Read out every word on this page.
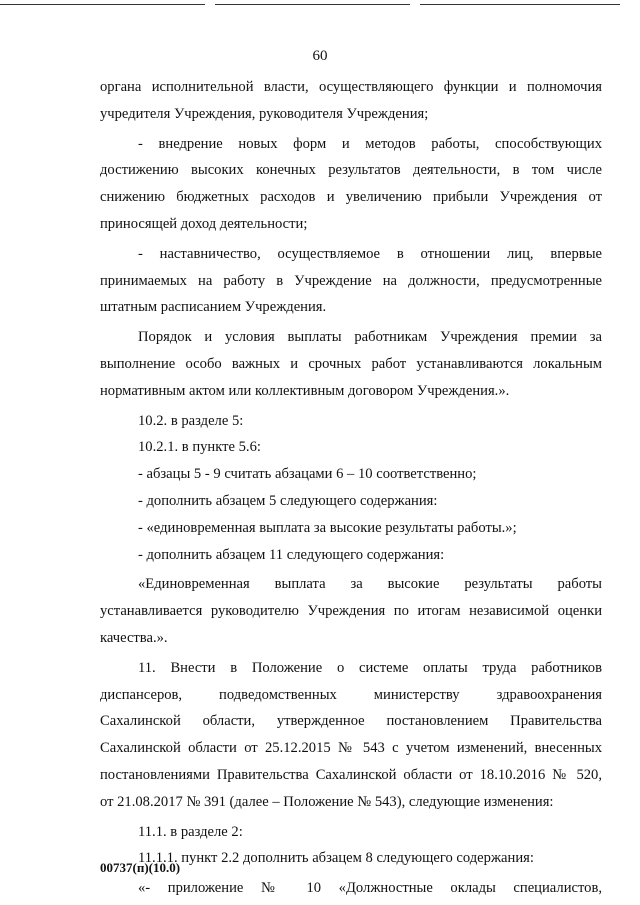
60
органа исполнительной власти, осуществляющего функции и полномочия
учредителя Учреждения, руководителя Учреждения;
- внедрение новых форм и методов работы, способствующих
достижению высоких конечных результатов деятельности, в том числе
снижению бюджетных расходов и увеличению прибыли Учреждения от
приносящей доход деятельности;
- наставничество, осуществляемое в отношении лиц, впервые
принимаемых на работу в Учреждение на должности, предусмотренные
штатным расписанием Учреждения.
Порядок и условия выплаты работникам Учреждения премии за
выполнение особо важных и срочных работ устанавливаются локальным
нормативным актом или коллективным договором Учреждения.».
10.2. в разделе 5:
10.2.1. в пункте 5.6:
- абзацы 5 - 9 считать абзацами 6 – 10 соответственно;
- дополнить абзацем 5 следующего содержания:
- «единовременная выплата за высокие результаты работы.»;
- дополнить абзацем 11 следующего содержания:
«Единовременная выплата за высокие результаты работы
устанавливается руководителю Учреждения по итогам независимой оценки
качества.».
11. Внести в Положение о системе оплаты труда работников
диспансеров, подведомственных министерству здравоохранения
Сахалинской области, утвержденное постановлением Правительства
Сахалинской области от 25.12.2015 № 543 с учетом изменений, внесенных
постановлениями Правительства Сахалинской области от 18.10.2016 № 520,
от 21.08.2017 № 391 (далее – Положение № 543), следующие изменения:
11.1. в разделе 2:
11.1.1. пункт 2.2 дополнить абзацем 8 следующего содержания:
«- приложение № 10 «Должностные оклады специалистов,
00737(п)(10.0)
